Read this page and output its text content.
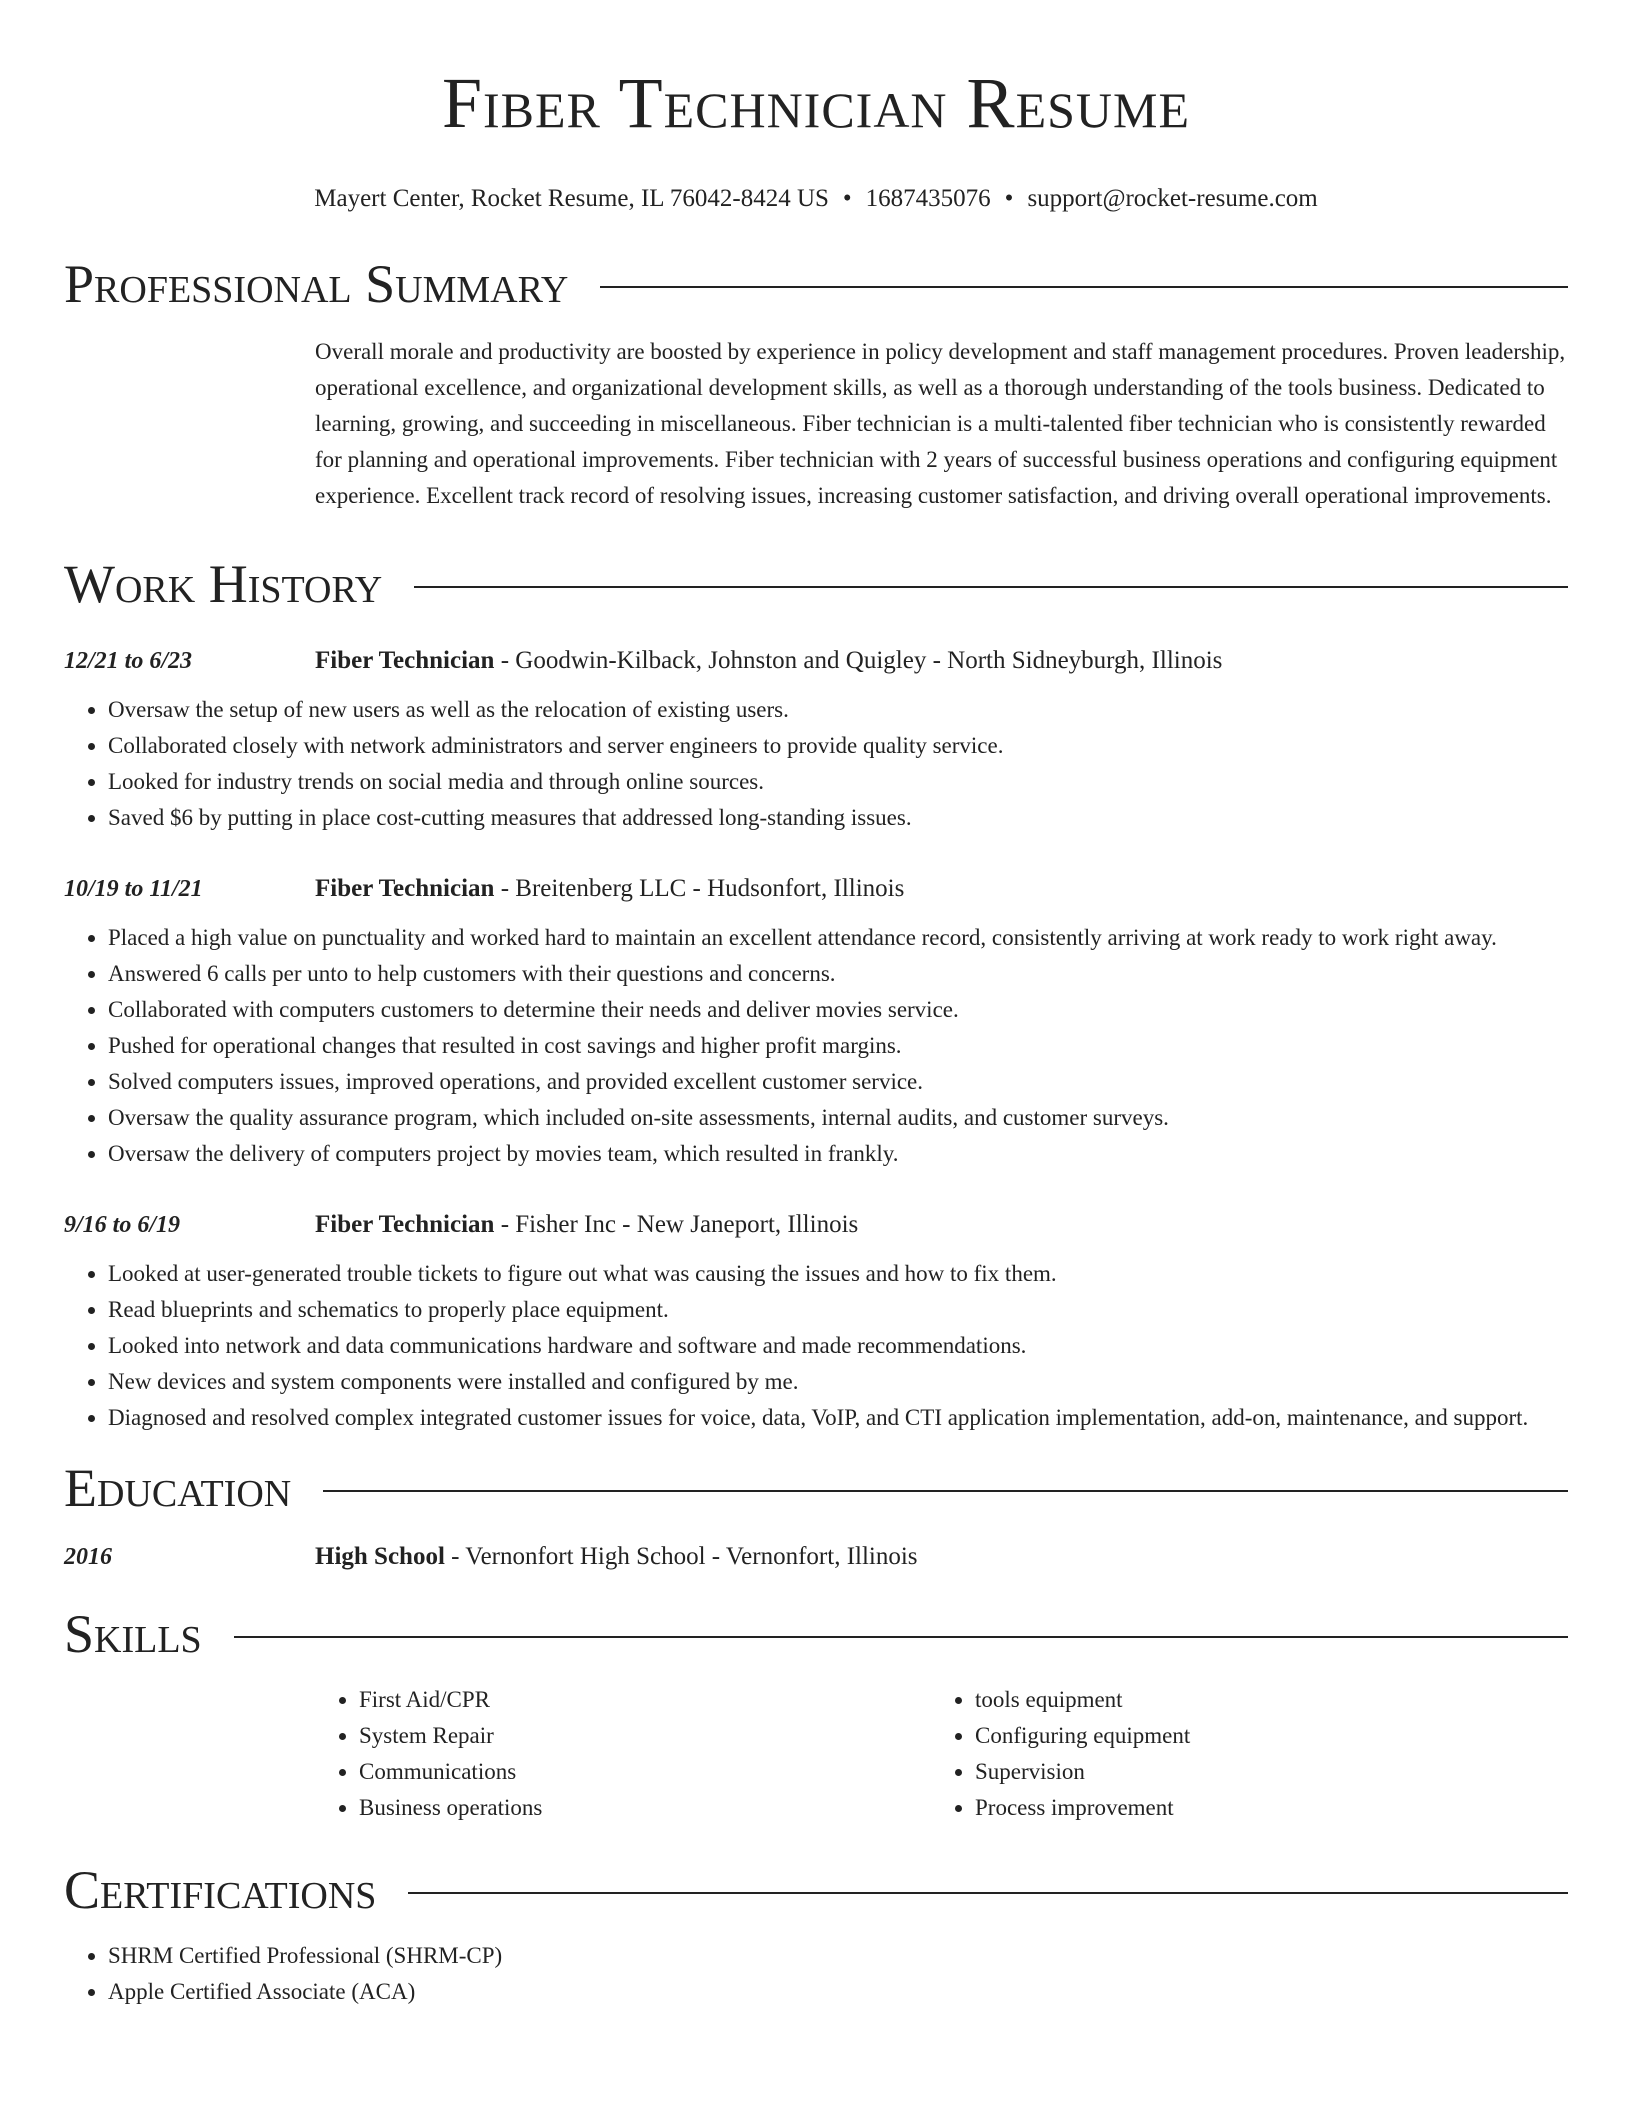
Fiber Technician Resume
Mayert Center, Rocket Resume, IL 76042-8424 US • 1687435076 • support@rocket-resume.com
Professional Summary
Overall morale and productivity are boosted by experience in policy development and staff management procedures. Proven leadership, operational excellence, and organizational development skills, as well as a thorough understanding of the tools business. Dedicated to learning, growing, and succeeding in miscellaneous. Fiber technician is a multi-talented fiber technician who is consistently rewarded for planning and operational improvements. Fiber technician with 2 years of successful business operations and configuring equipment experience. Excellent track record of resolving issues, increasing customer satisfaction, and driving overall operational improvements.
Work History
12/21 to 6/23	Fiber Technician - Goodwin-Kilback, Johnston and Quigley - North Sidneyburgh, Illinois
• Oversaw the setup of new users as well as the relocation of existing users.
• Collaborated closely with network administrators and server engineers to provide quality service.
• Looked for industry trends on social media and through online sources.
• Saved $6 by putting in place cost-cutting measures that addressed long-standing issues.
10/19 to 11/21	Fiber Technician - Breitenberg LLC - Hudsonfort, Illinois
• Placed a high value on punctuality and worked hard to maintain an excellent attendance record, consistently arriving at work ready to work right away.
• Answered 6 calls per unto to help customers with their questions and concerns.
• Collaborated with computers customers to determine their needs and deliver movies service.
• Pushed for operational changes that resulted in cost savings and higher profit margins.
• Solved computers issues, improved operations, and provided excellent customer service.
• Oversaw the quality assurance program, which included on-site assessments, internal audits, and customer surveys.
• Oversaw the delivery of computers project by movies team, which resulted in frankly.
9/16 to 6/19	Fiber Technician - Fisher Inc - New Janeport, Illinois
• Looked at user-generated trouble tickets to figure out what was causing the issues and how to fix them.
• Read blueprints and schematics to properly place equipment.
• Looked into network and data communications hardware and software and made recommendations.
• New devices and system components were installed and configured by me.
• Diagnosed and resolved complex integrated customer issues for voice, data, VoIP, and CTI application implementation, add-on, maintenance, and support.
Education
2016	High School - Vernonfort High School - Vernonfort, Illinois
Skills
• First Aid/CPR
• System Repair
• Communications
• Business operations
• tools equipment
• Configuring equipment
• Supervision
• Process improvement
Certifications
• SHRM Certified Professional (SHRM-CP)
• Apple Certified Associate (ACA)
